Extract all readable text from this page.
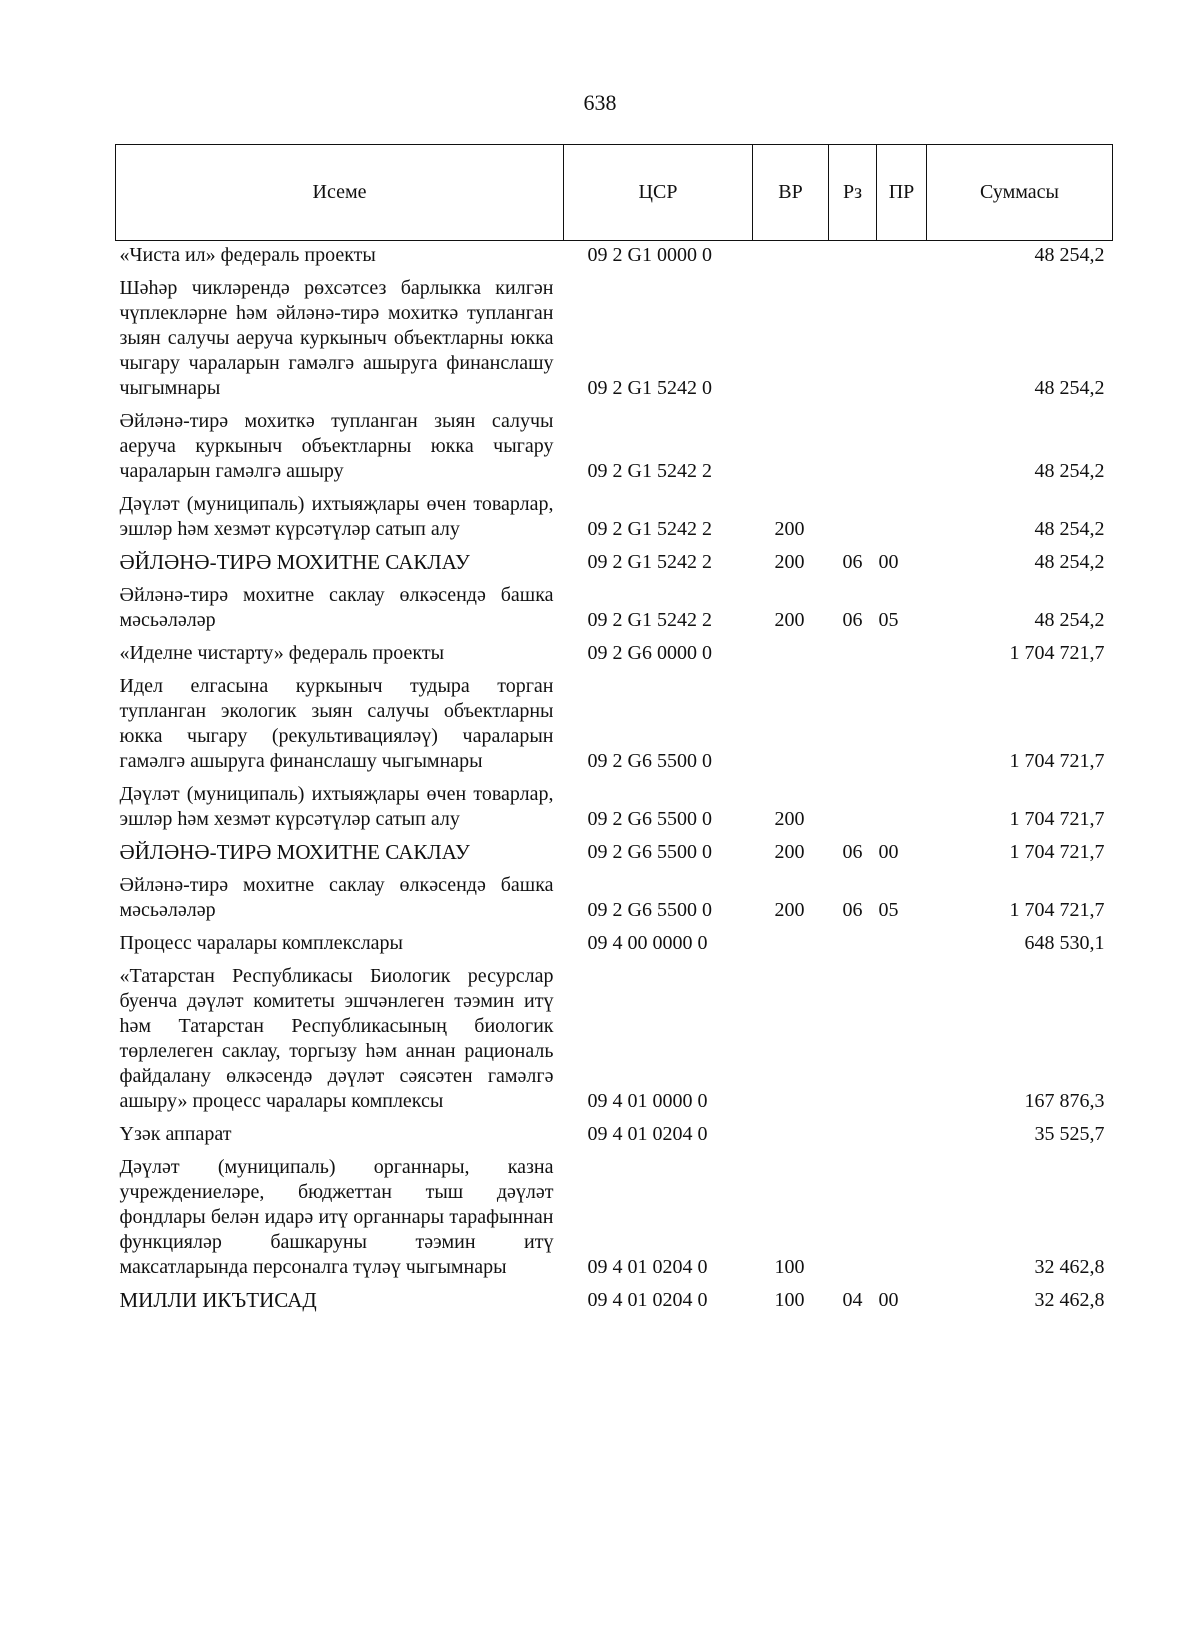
638
Исеме	ЦСР	ВР	Рз	ПР	Суммасы
«Чиста ил» федераль проекты	09 2 G1 0000 0				48 254,2
Шәһәр чикләрендә рөхсәтсез барлыкка килгән чүплекләрне һәм әйләнә-тирә мохиткә тупланган зыян салучы аеруча куркыныч объектларны юкка чыгару чараларын гамәлгә ашыруга финанслашу чыгымнары	09 2 G1 5242 0				48 254,2
Әйләнә-тирә мохиткә тупланган зыян салучы аеруча куркыныч объектларны юкка чыгару чараларын гамәлгә ашыру	09 2 G1 5242 2				48 254,2
Дәүләт (муниципаль) ихтыяҗлары өчен товарлар, эшләр һәм хезмәт күрсәтүләр сатып алу	09 2 G1 5242 2	200			48 254,2
ӘЙЛӘНӘ-ТИРӘ МОХИТНЕ САКЛАУ	09 2 G1 5242 2	200	06	00	48 254,2
Әйләнә-тирә мохитне саклау өлкәсендә башка мәсьәләләр	09 2 G1 5242 2	200	06	05	48 254,2
«Иделне чистарту» федераль проекты	09 2 G6 0000 0				1 704 721,7
Идел елгасына куркыныч тудыра торган тупланган экологик зыян салучы объектларны юкка чыгару (рекультивацияләү) чараларын гамәлгә ашыруга финанслашу чыгымнары	09 2 G6 5500 0				1 704 721,7
Дәүләт (муниципаль) ихтыяҗлары өчен товарлар, эшләр һәм хезмәт күрсәтүләр сатып алу	09 2 G6 5500 0	200			1 704 721,7
ӘЙЛӘНӘ-ТИРӘ МОХИТНЕ САКЛАУ	09 2 G6 5500 0	200	06	00	1 704 721,7
Әйләнә-тирә мохитне саклау өлкәсендә башка мәсьәләләр	09 2 G6 5500 0	200	06	05	1 704 721,7
Процесс чаралары комплекслары	09 4 00 0000 0				648 530,1
«Татарстан Республикасы Биологик ресурслар буенча дәүләт комитеты эшчәнлеген тәэмин итү һәм Татарстан Республикасының биологик төрлелеген саклау, торгызу һәм аннан рациональ файдалану өлкәсендә дәүләт сәясәтен гамәлгә ашыру» процесс чаралары комплексы	09 4 01 0000 0				167 876,3
Үзәк аппарат	09 4 01 0204 0				35 525,7
Дәүләт (муниципаль) органнары, казна учреждениеләре, бюджеттан тыш дәүләт фондлары белән идарә итү органнары тарафыннан функцияләр башкаруны тәэмин итү максатларында персоналга түләү чыгымнары	09 4 01 0204 0	100			32 462,8
МИЛЛИ ИКЪТИСАД	09 4 01 0204 0	100	04	00	32 462,8
